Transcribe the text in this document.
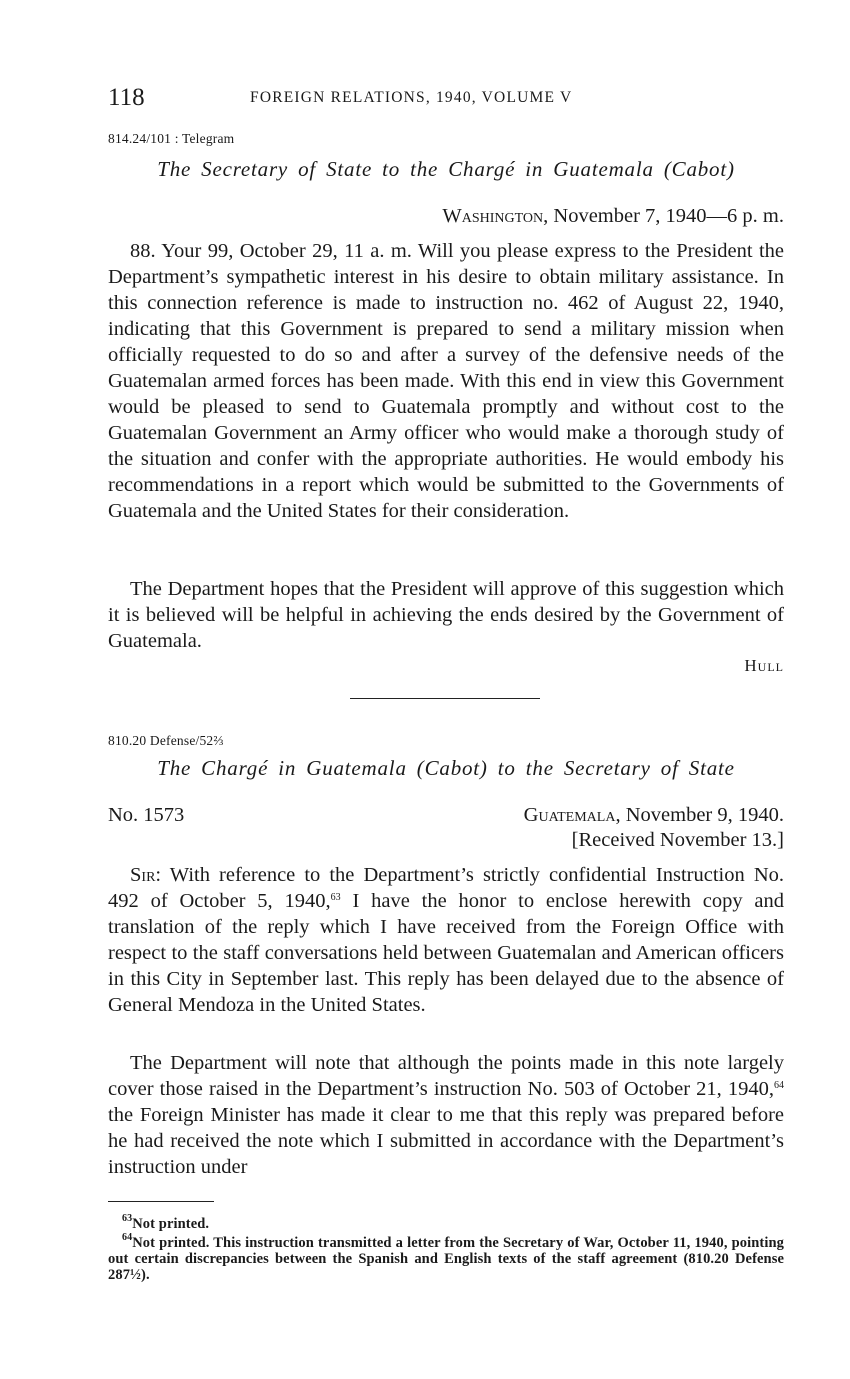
118	FOREIGN RELATIONS, 1940, VOLUME V
814.24/101 : Telegram
The Secretary of State to the Chargé in Guatemala (Cabot)
Washington, November 7, 1940—6 p. m.

88. Your 99, October 29, 11 a. m. Will you please express to the President the Department’s sympathetic interest in his desire to obtain military assistance. In this connection reference is made to instruction no. 462 of August 22, 1940, indicating that this Government is prepared to send a military mission when officially requested to do so and after a survey of the defensive needs of the Guatemalan armed forces has been made. With this end in view this Government would be pleased to send to Guatemala promptly and without cost to the Guatemalan Government an Army officer who would make a thorough study of the situation and confer with the appropriate authorities. He would embody his recommendations in a report which would be submitted to the Governments of Guatemala and the United States for their consideration.

The Department hopes that the President will approve of this suggestion which it is believed will be helpful in achieving the ends desired by the Government of Guatemala.

Hull
810.20 Defense/52⅔
The Chargé in Guatemala (Cabot) to the Secretary of State
No. 1573	Guatemala, November 9, 1940.
[Received November 13.]

Sir: With reference to the Department’s strictly confidential Instruction No. 492 of October 5, 1940,63 I have the honor to enclose herewith copy and translation of the reply which I have received from the Foreign Office with respect to the staff conversations held between Guatemalan and American officers in this City in September last. This reply has been delayed due to the absence of General Mendoza in the United States.

The Department will note that although the points made in this note largely cover those raised in the Department’s instruction No. 503 of October 21, 1940,64 the Foreign Minister has made it clear to me that this reply was prepared before he had received the note which I submitted in accordance with the Department’s instruction under

$^{63}$Not printed.
$^{64}$Not printed. This instruction transmitted a letter from the Secretary of War, October 11, 1940, pointing out certain discrepancies between the Spanish and English texts of the staff agreement (810.20 Defense 287½).
